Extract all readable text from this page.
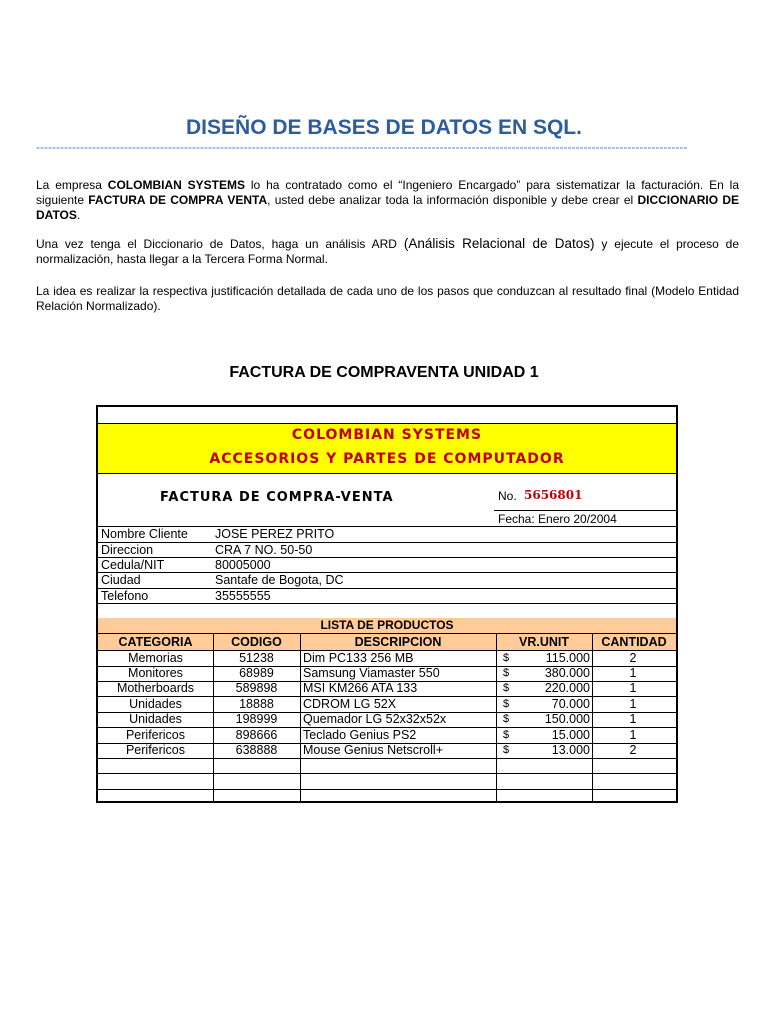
DISEÑO DE BASES DE DATOS EN SQL.
-------------------------------------------------------------------------------------------------------------------------------------------------------------------
La empresa COLOMBIAN SYSTEMS lo ha contratado como el “Ingeniero Encargado” para sistematizar la facturación. En la siguiente FACTURA DE COMPRA VENTA, usted debe analizar toda la información disponible y debe crear el DICCIONARIO DE DATOS.
Una vez tenga el Diccionario de Datos, haga un análisis ARD (Análisis Relacional de Datos) y ejecute el proceso de normalización, hasta llegar a la Tercera Forma Normal.
La idea es realizar la respectiva justificación detallada de cada uno de los pasos que conduzcan al resultado final (Modelo Entidad Relación Normalizado).
FACTURA DE COMPRAVENTA UNIDAD 1
COLOMBIAN SYSTEMS
ACCESORIOS Y PARTES DE COMPUTADOR
FACTURA DE COMPRA-VENTA	No. 5656801
Fecha: Enero 20/2004
Nombre Cliente JOSE PEREZ PRITO
Direccion	CRA 7 NO. 50-50
Cedula/NIT	80005000
Ciudad	Santafe de Bogota, DC
Telefono	35555555
LISTA DE PRODUCTOS
CATEGORIA	CODIGO	DESCRIPCION	VR.UNIT	CANTIDAD
Memorias	51238	Dim PC133 256 MB	$	115.000	2
Monitores	68989	Samsung Viamaster 550	$	380.000	1
Motherboards	589898	MSI KM266 ATA 133	$	220.000	1
Unidades	18888	CDROM LG 52X	$	70.000	1
Unidades	198999	Quemador LG 52x32x52x	$	150.000	1
Perifericos	898666	Teclado Genius PS2	$	15.000	1
Perifericos	638888	Mouse Genius Netscroll+	$	13.000	2
